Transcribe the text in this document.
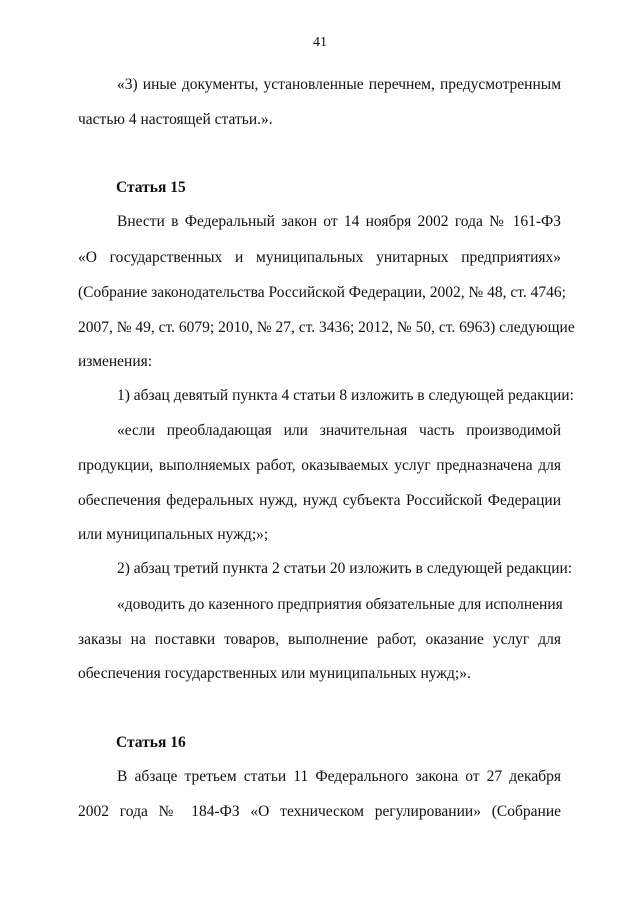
41
«3) иные документы, установленные перечнем, предусмотренным
частью 4 настоящей статьи.».
Статья 15
Внести в Федеральный закон от 14 ноября 2002 года № 161-ФЗ
«О государственных и муниципальных унитарных предприятиях»
(Собрание законодательства Российской Федерации, 2002, № 48, ст. 4746;
2007, № 49, ст. 6079; 2010, № 27, ст. 3436; 2012, № 50, ст. 6963) следующие
изменения:
1) абзац девятый пункта 4 статьи 8 изложить в следующей редакции:
«если преобладающая или значительная часть производимой
продукции, выполняемых работ, оказываемых услуг предназначена для
обеспечения федеральных нужд, нужд субъекта Российской Федерации
или муниципальных нужд;»;
2) абзац третий пункта 2 статьи 20 изложить в следующей редакции:
«доводить до казенного предприятия обязательные для исполнения
заказы на поставки товаров, выполнение работ, оказание услуг для
обеспечения государственных или муниципальных нужд;».
Статья 16
В абзаце третьем статьи 11 Федерального закона от 27 декабря
2002 года № 184-ФЗ «О техническом регулировании» (Собрание
